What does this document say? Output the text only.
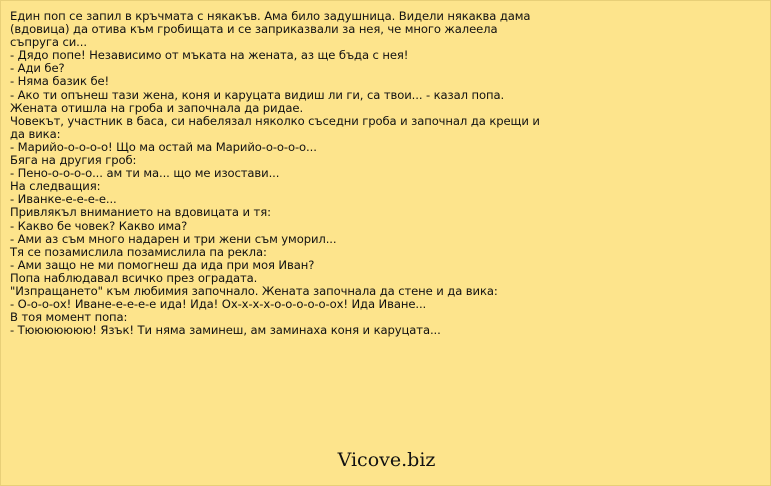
Един поп се запил в кръчмата с някакъв. Ама било задушница. Видели някаква дама
(вдовица) да отива към гробищата и се заприказвали за нея, че много жалеела
съпруга си...
- Дядо попе! Независимо от мъката на жената, аз ще бъда с нея!
- Ади бе?
- Няма базик бе!
- Ако ти опънеш тази жена, коня и каруцата видиш ли ги, са твои... - казал попа.
Жената отишла на гроба и започнала да ридае.
Човекът, участник в баса, си набелязал няколко съседни гроба и започнал да крещи и
да вика:
- Марийо-о-о-о-о! Що ма остай ма Марийо-о-о-о-о...
Бяга на другия гроб:
- Пено-о-о-о-о... ам ти ма... що ме изостави...
На следващия:
- Иванке-е-е-е-е...
Привлякъл вниманието на вдовицата и тя:
- Какво бе човек? Какво има?
- Ами аз съм много надарен и три жени съм уморил...
Тя се позамислила позамислила па рекла:
- Ами защо не ми помогнеш да ида при моя Иван?
Попа наблюдавал всичко през оградата.
"Изпращането" към любимия започнало. Жената започнала да стене и да вика:
- О-о-о-ох! Иване-е-е-е-е ида! Ида! Ох-х-х-х-о-о-о-о-о-ох! Ида Иване...
В тоя момент попа:
- Тююююююю! Язък! Ти няма заминеш, ам заминаха коня и каруцата...
Vicove.biz
